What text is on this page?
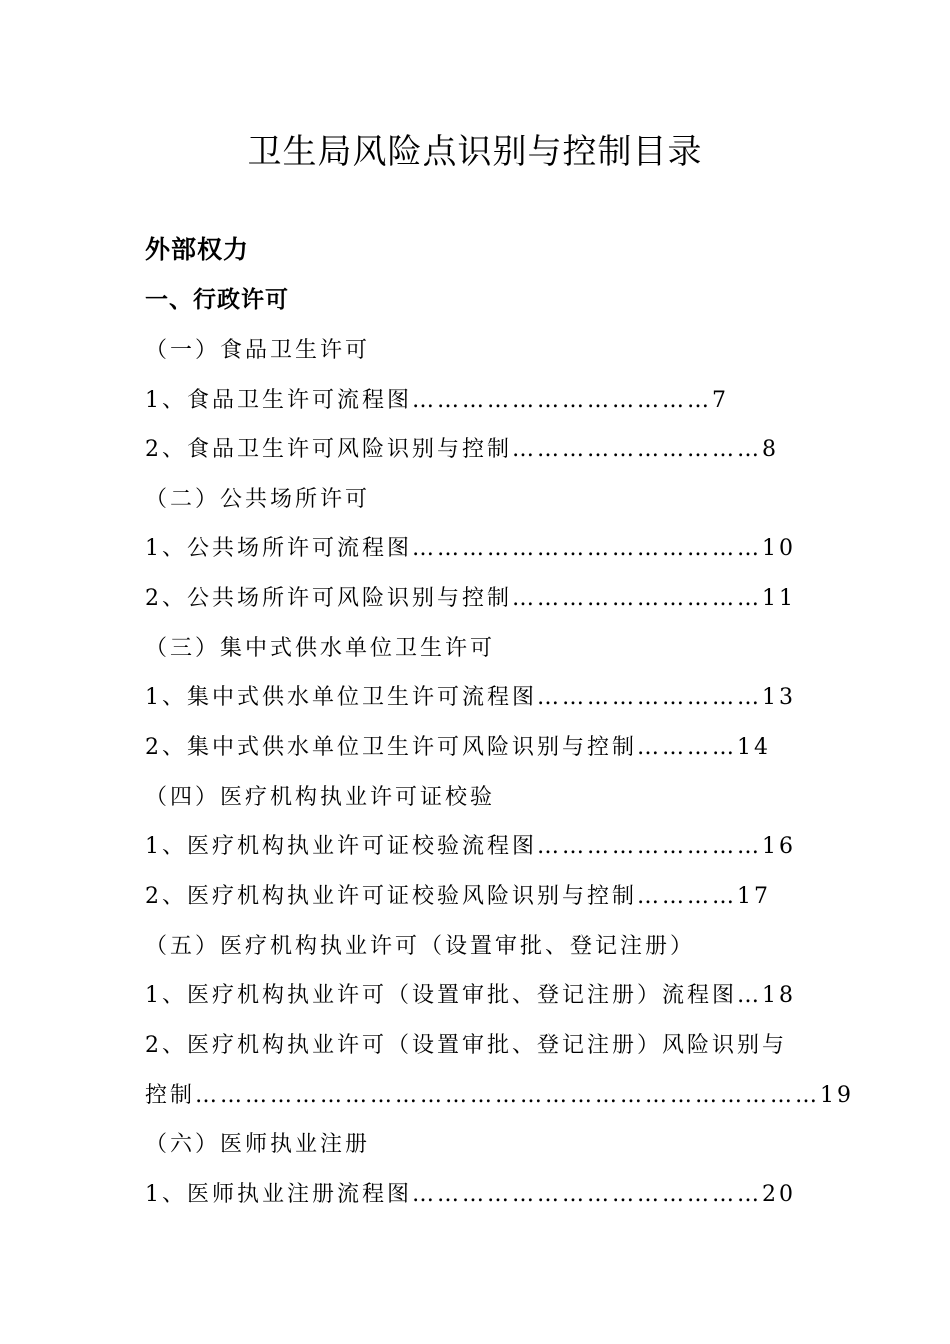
卫生局风险点识别与控制目录
外部权力
一、行政许可
（一）食品卫生许可
1、食品卫生许可流程图………………………………7
2、食品卫生许可风险识别与控制…………………………8
（二）公共场所许可
1、公共场所许可流程图……………………………………10
2、公共场所许可风险识别与控制…………………………11
（三）集中式供水单位卫生许可
1、集中式供水单位卫生许可流程图………………………13
2、集中式供水单位卫生许可风险识别与控制…………14
（四）医疗机构执业许可证校验
1、医疗机构执业许可证校验流程图………………………16
2、医疗机构执业许可证校验风险识别与控制…………17
（五）医疗机构执业许可（设置审批、登记注册）
1、医疗机构执业许可（设置审批、登记注册）流程图…18
2、医疗机构执业许可（设置审批、登记注册）风险识别与
控制…………………………………………………………………19
（六）医师执业注册
1、医师执业注册流程图……………………………………20
